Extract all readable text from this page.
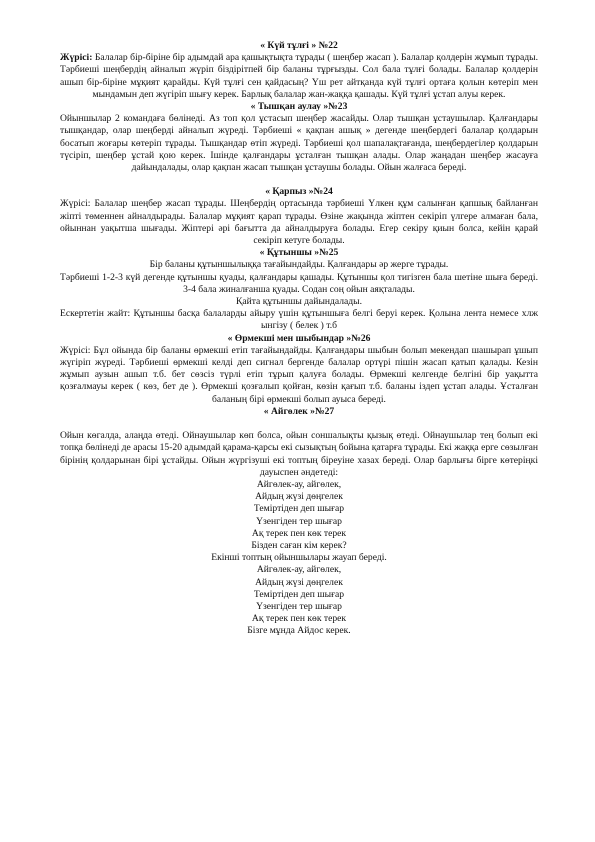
« Күй тұлғі » №22
Жүрісі: Балалар бір-біріне бір адымдай ара қашықтықта тұрады ( шеңбер жасап ). Балалар қолдерін жұмып тұрады. Тәрбиеші шеңбердің айналып жүріп біздірітпей бір баланы тұрғызды. Сол бала тұлғі болады. Балалар қолдерін ашып бір-біріне мұқият қарайды. Күй тұлғі сен қайдасың? Үш рет айтқанда күй тұлғі ортаға қолын көтеріп мен мындамын деп жүгіріп шығу керек. Барлық балалар жан-жаққа қашады. Күй тұлғі ұстап алуы керек.
« Тышқан аулау »№23
Ойыншылар 2 командаға бөлінеді. Аз топ қол ұстасып шеңбер жасайды. Олар тышқан ұстаушылар. Қалғандары тышқандар, олар шеңберді айналып жүреді. Тәрбиеші « қақпан ашық » дегенде шеңбердегі балалар қолдарын босатып жоғары көтеріп тұрады. Тышқандар өтіп жүреді. Тәрбиеші қол шапалақтағанда, шеңбердегілер қолдарын түсіріп, шеңбер ұстай қою керек. Ішінде қалғандары ұсталған тышқан алады. Олар жаңадан шеңбер жасауға дайындалады, олар қақпан жасап тышқан ұстаушы болады. Ойын жалғаса береді.
« Қарпыз »№24
Жүрісі: Балалар шеңбер жасап тұрады. Шеңбердің ортасында тәрбиеші Үлкен құм салынған қапшық байланған жіпті төменнен айналдырады. Балалар мұқият қарап тұрады. Өзіне жақында жіптен секіріп үлгере алмаған бала, ойыннан уақытша шығады. Жіптері әрі бағытта да айналдыруға болады. Егер секіру қиын болса, кейін қарай секіріп кетуге болады.
« Құтыншы »№25
Бір баланы құтыншылыққа тағайындайды. Қалғандары әр жерге тұрады.
Тәрбиеші 1-2-3 күй дегенде құтыншы қуады, қалғандары қашады. Құтыншы қол тигізген бала шетіне шыға береді. 3-4 бала жиналғанша қуады. Содан соң ойын аяқталады.
Қайта құтыншы дайындалады.
Ескертетін жайт: Құтыншы басқа балаларды айыру үшін құтыншыға белгі беруі керек. Қолына лента немесе хлж ынгізу ( белек ) т.б
« Өрмекші мен шыбындар »№26
Жүрісі: Бұл ойында бір баланы өрмекші етіп тағайындайды. Қалғандары шыбын болып мекендап шашырап ұшып жүгіріп жүреді. Тәрбиеші өрмекші келді деп сигнал бергенде балалар ортүрі пішін жасап қатып қалады. Кезін жұмып аузын ашып т.б. бет сөзсіз түрлі етіп тұрып қалуға болады. Өрмекші келгенде белгіні бір уақытта қозғалмауы керек ( көз, бет де ). Өрмекші қозғалып қойған, көзін қағып т.б. баланы іздеп ұстап алады. Ұсталған баланың бірі өрмекші болып ауыса береді.
« Айгөлек »№27
Ойын көгалда, алаңда өтеді. Ойнаушылар көп болса, ойын соншалықты қызық өтеді. Ойнаушылар тең болып екі топқа бөлінеді де арасы 15-20 адымдай қарама-қарсы екі сызықтың бойына қатарға тұрады. Екі жаққа ерге сөзылған бірінің қолдарынан бірі ұстайды. Ойын жүргізуші екі топтың біреуіне хазах береді. Олар барлығы бірге көтеріңкі дауыспен әндетеді:
Айгөлек-ау, айгөлек,
Айдың жүзі дөңгелек
Теміртіден деп шығар
Үзенгіден тер шығар
Ақ терек пен көк терек
Бізден саған кім керек?
Екінші топтың ойыншылары жауап береді.
Айгөлек-ау, айгөлек,
Айдың жүзі дөңгелек
Теміртіден деп шығар
Үзенгіден тер шығар
Ақ терек пен көк терек
Бізге мұнда Айдос керек.
